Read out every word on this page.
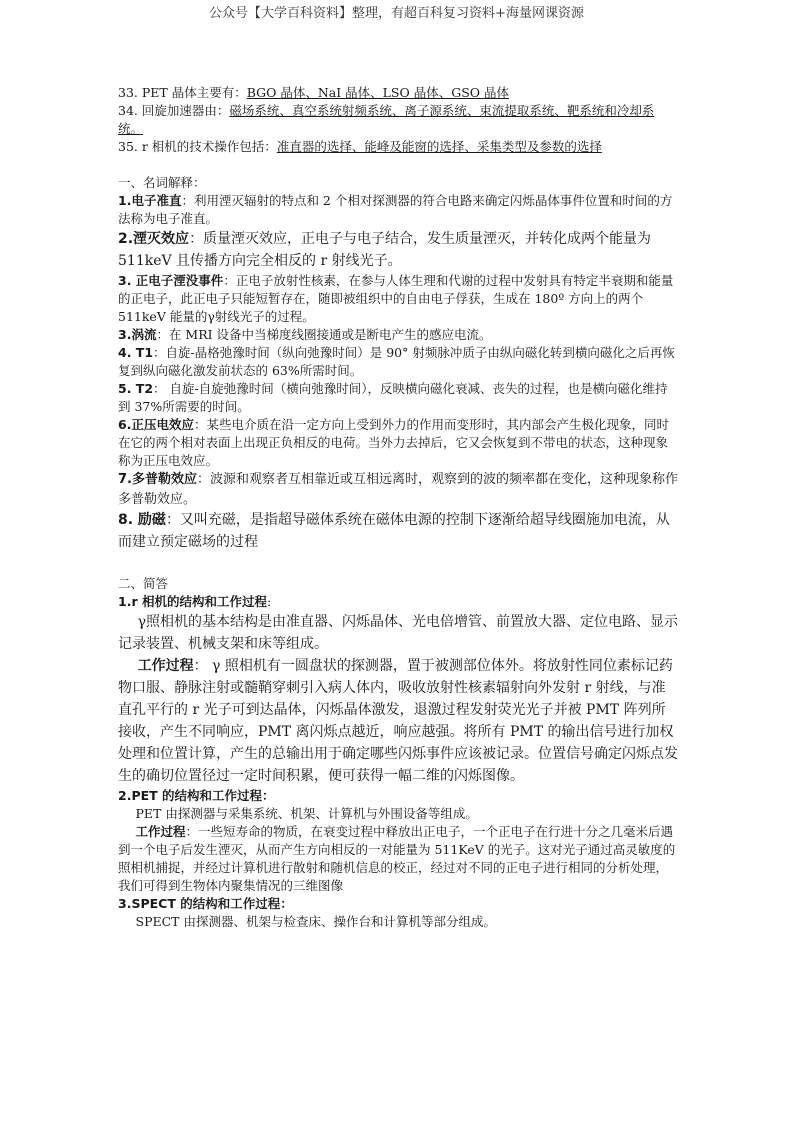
公众号【大学百科资料】整理，有超百科复习资料+海量网课资源

33. PET 晶体主要有：BGO 晶体、NaI 晶体、LSO 晶体、GSO 晶体

34. 回旋加速器由：磁场系统、真空系统射频系统、离子源系统、束流提取系统、靶系统和冷却系统。

35. r 相机的技术操作包括：准直器的选择、能峰及能窗的选择、采集类型及参数的选择

一、名词解释：

1.电子准直：利用湮灭辐射的特点和 2 个相对探测器的符合电路来确定闪烁晶体事件位置和时间的方法称为电子准直。

2.湮灭效应：质量湮灭效应，正电子与电子结合，发生质量湮灭，并转化成两个能量为 511keV 且传播方向完全相反的 r 射线光子。

3. 正电子湮没事件：正电子放射性核素，在参与人体生理和代谢的过程中发射具有特定半衰期和能量的正电子，此正电子只能短暂存在，随即被组织中的自由电子俘获，生成在 180º 方向上的两个 511keV 能量的γ射线光子的过程。

3.涡流：在 MRI 设备中当梯度线圈接通或是断电产生的感应电流。

4. T1：自旋-晶格弛豫时间（纵向弛豫时间）是 90° 射频脉冲质子由纵向磁化转到横向磁化之后再恢复到纵向磁化激发前状态的 63%所需时间。

5. T2： 自旋-自旋弛豫时间（横向弛豫时间），反映横向磁化衰减、丧失的过程，也是横向磁化维持到 37%所需要的时间。

6.正压电效应：某些电介质在沿一定方向上受到外力的作用而变形时，其内部会产生极化现象，同时在它的两个相对表面上出现正负相反的电荷。当外力去掉后，它又会恢复到不带电的状态，这种现象称为正压电效应。

7.多普勒效应：波源和观察者互相靠近或互相远离时，观察到的波的频率都在变化，这种现象称作多普勒效应。

8. 励磁：又叫充磁，是指超导磁体系统在磁体电源的控制下逐渐给超导线圈施加电流，从而建立预定磁场的过程

二、简答

1.r 相机的结构和工作过程:

γ照相机的基本结构是由准直器、闪烁晶体、光电倍增管、前置放大器、定位电路、显示记录装置、机械支架和床等组成。

工作过程： γ 照相机有一圆盘状的探测器，置于被测部位体外。将放射性同位素标记药物口服、静脉注射或髓鞘穿刺引入病人体内，吸收放射性核素辐射向外发射 r 射线，与准直孔平行的 r 光子可到达晶体，闪烁晶体激发，退激过程发射荧光光子并被 PMT 阵列所接收，产生不同响应，PMT 离闪烁点越近，响应越强。将所有 PMT 的输出信号进行加权处理和位置计算，产生的总输出用于确定哪些闪烁事件应该被记录。位置信号确定闪烁点发生的确切位置径过一定时间积累，便可获得一幅二维的闪烁图像。

2.PET 的结构和工作过程：

PET 由探测器与采集系统、机架、计算机与外围设备等组成。

工作过程：一些短寿命的物质，在衰变过程中释放出正电子，一个正电子在行进十分之几毫米后遇到一个电子后发生湮灭，从而产生方向相反的一对能量为 511KeV 的光子。这对光子通过高灵敏度的照相机捕捉，并经过计算机进行散射和随机信息的校正，经过对不同的正电子进行相同的分析处理，我们可得到生物体内聚集情况的三维图像

3.SPECT 的结构和工作过程：

SPECT 由探测器、机架与检查床、操作台和计算机等部分组成。
